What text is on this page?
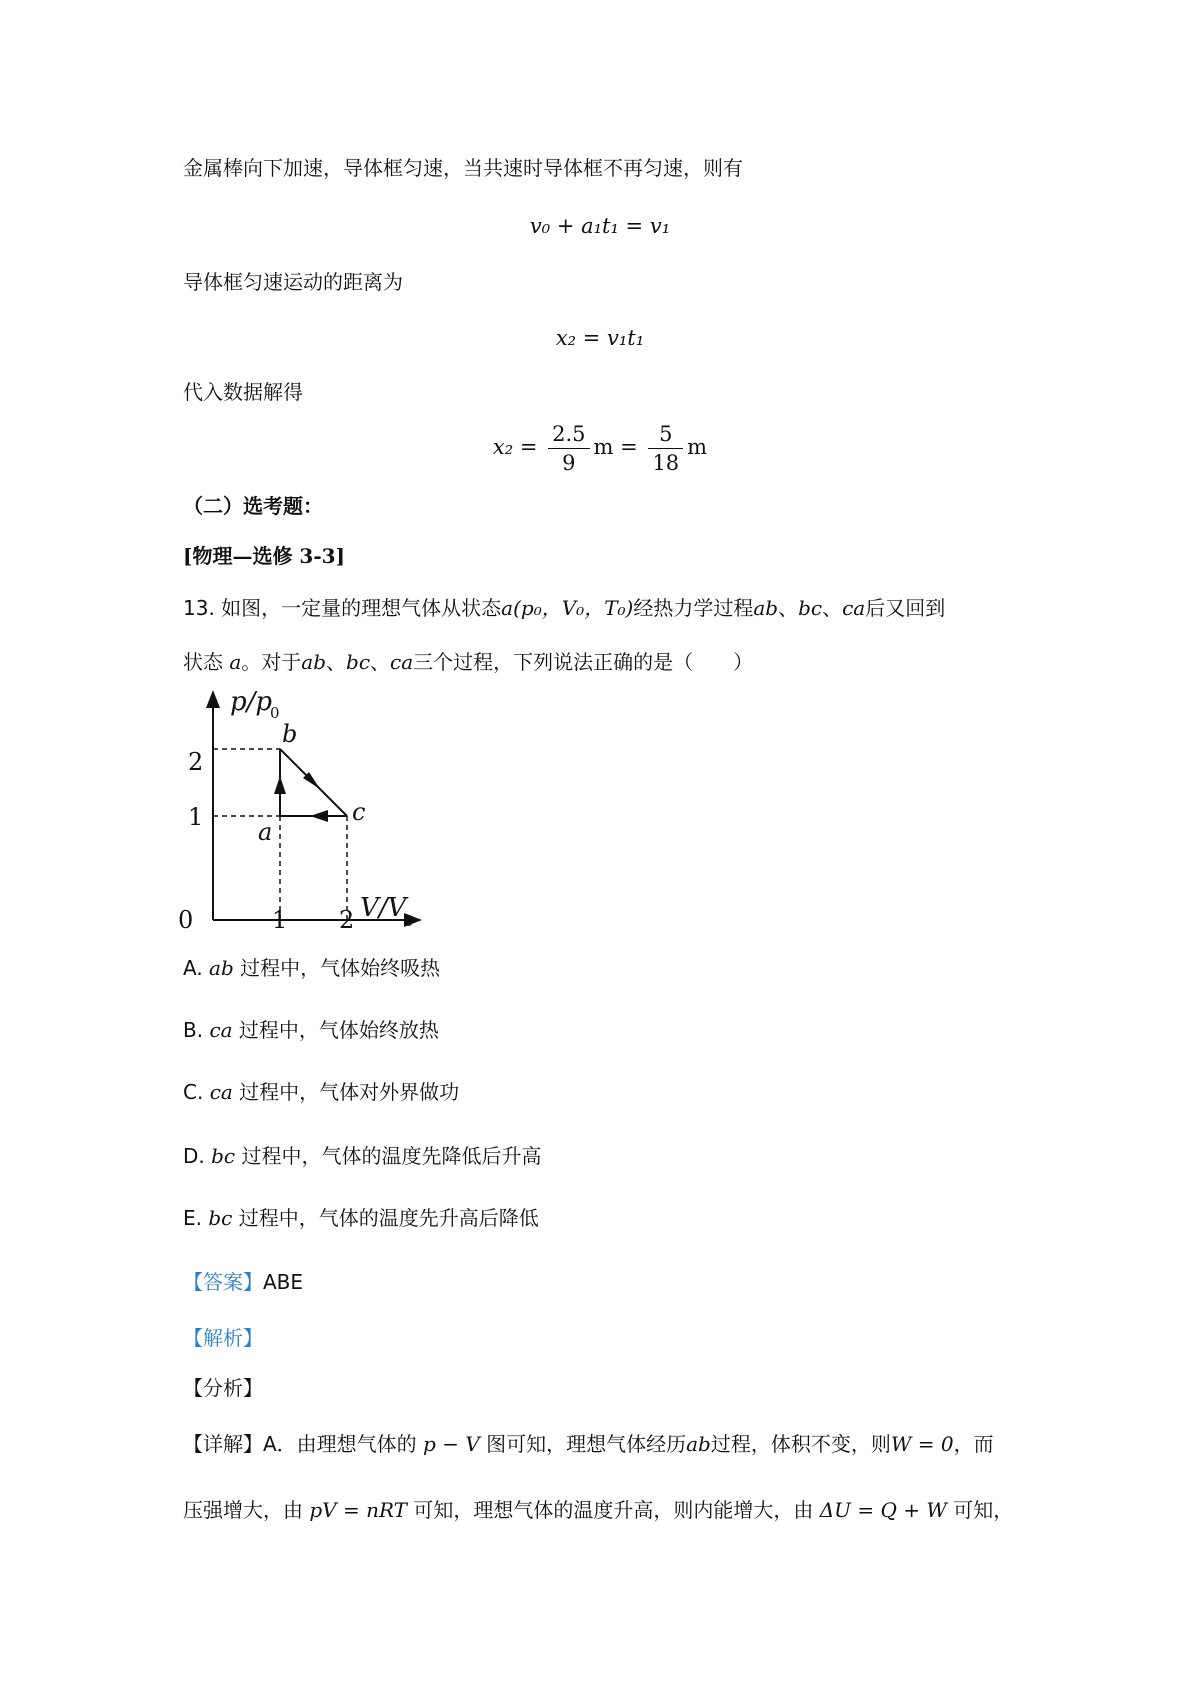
金属棒向下加速，导体框匀速，当共速时导体框不再匀速，则有
v₀ + a₁t₁ = v₁
导体框匀速运动的距离为
x₂ = v₁t₁
代入数据解得
$x_2 = \frac{2.5}{9}$ $m = \frac{5}{18}$ m
（二）选考题：
[物理—选修 3-3]
13. 如图，一定量的理想气体从状态a(p₀，V₀，T₀)经热力学过程ab、bc、ca后又回到
状态 a。对于ab、bc、ca三个过程，下列说法正确的是（　　）
p/p
0
V/V
0
0	1 2
1
2
b
c
a
A. ab 过程中，气体始终吸热
B. ca 过程中，气体始终放热
C. ca 过程中，气体对外界做功
D. bc 过程中，气体的温度先降低后升高
E. bc 过程中，气体的温度先升高后降低
【答案】ABE
【解析】
【分析】
【详解】A．由理想气体的 p − V 图可知，理想气体经历ab过程，体积不变，则W = 0，而
压强增大，由 pV = nRT 可知，理想气体的温度升高，则内能增大，由 ΔU = Q + W 可知，
